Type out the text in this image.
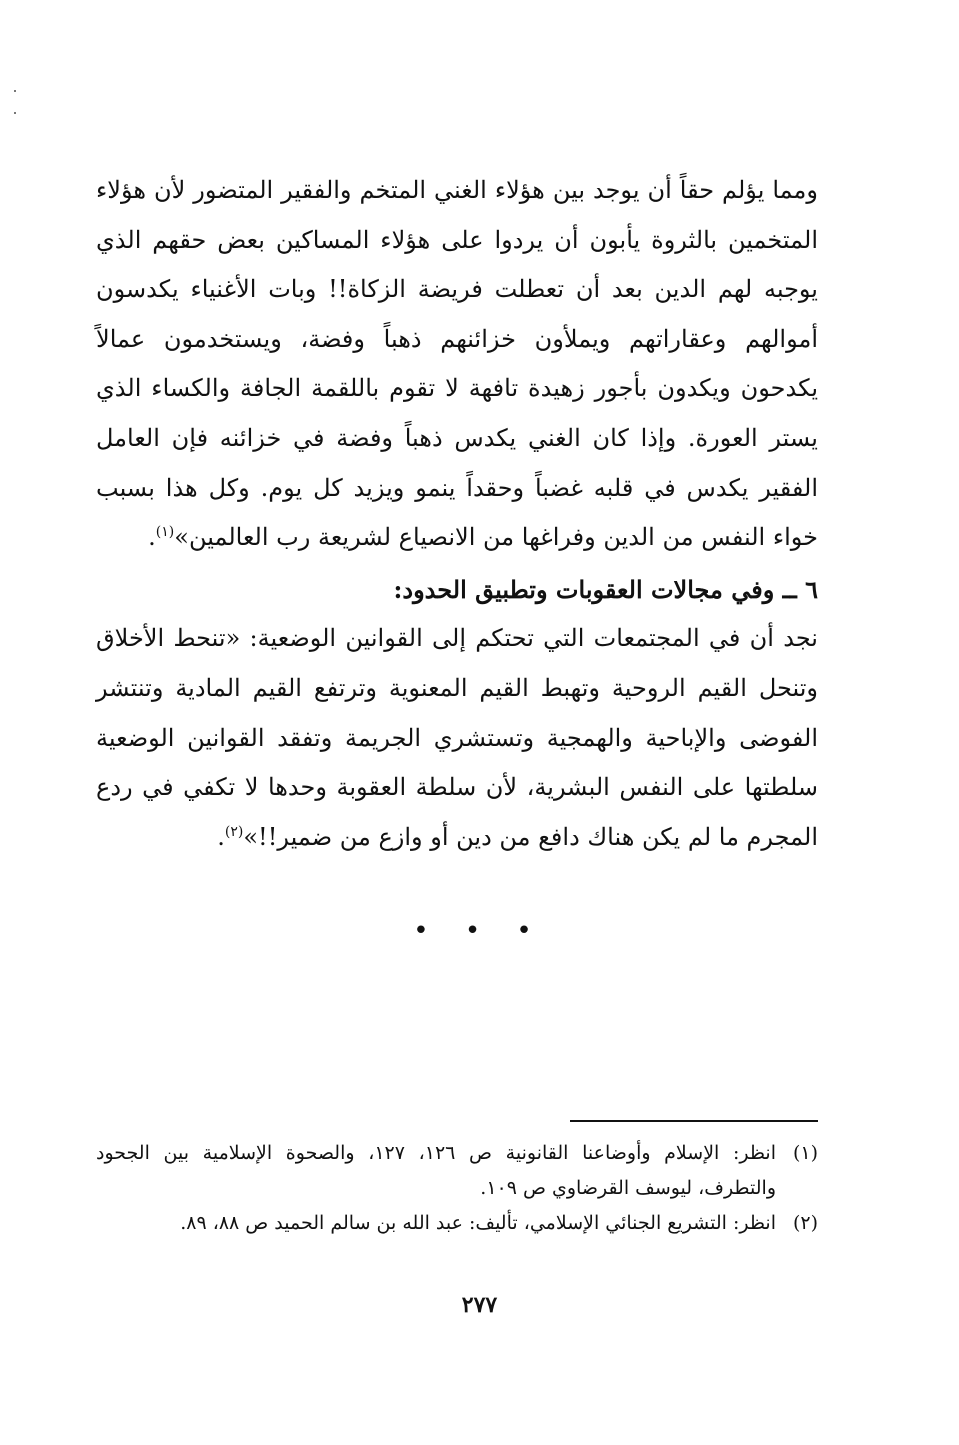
ومما يؤلم حقاً أن يوجد بين هؤلاء الغني المتخم والفقير المتضور لأن هؤلاء المتخمين بالثروة يأبون أن يردوا على هؤلاء المساكين بعض حقهم الذي يوجبه لهم الدين بعد أن تعطلت فريضة الزكاة!! وبات الأغنياء يكدسون أموالهم وعقاراتهم ويملأون خزائنهم ذهباً وفضة، ويستخدمون عمالاً يكدحون ويكدون بأجور زهيدة تافهة لا تقوم باللقمة الجافة والكساء الذي يستر العورة. وإذا كان الغني يكدس ذهباً وفضة في خزائنه فإن العامل الفقير يكدس في قلبه غضباً وحقداً ينمو ويزيد كل يوم. وكل هذا بسبب خواء النفس من الدين وفراغها من الانصياع لشريعة رب العالمين»$^{(١)}$.

٦ ــ وفي مجالات العقوبات وتطبيق الحدود:

نجد أن في المجتمعات التي تحتكم إلى القوانين الوضعية: «تنحط الأخلاق وتنحل القيم الروحية وتهبط القيم المعنوية وترتفع القيم المادية وتنتشر الفوضى والإباحية والهمجية وتستشري الجريمة وتفقد القوانين الوضعية سلطتها على النفس البشرية، لأن سلطة العقوبة وحدها لا تكفي في ردع المجرم ما لم يكن هناك دافع من دين أو وازع من ضمير!!»$^{(٢)}$.

• • •
(١)
انظر: الإسلام وأوضاعنا القانونية ص ١٢٦، ١٢٧، والصحوة الإسلامية بين الجحود والتطرف، ليوسف القرضاوي ص ١٠٩.
(٢)
انظر: التشريع الجنائي الإسلامي، تأليف: عبد الله بن سالم الحميد ص ٨٨، ٨٩.
٢٧٧
